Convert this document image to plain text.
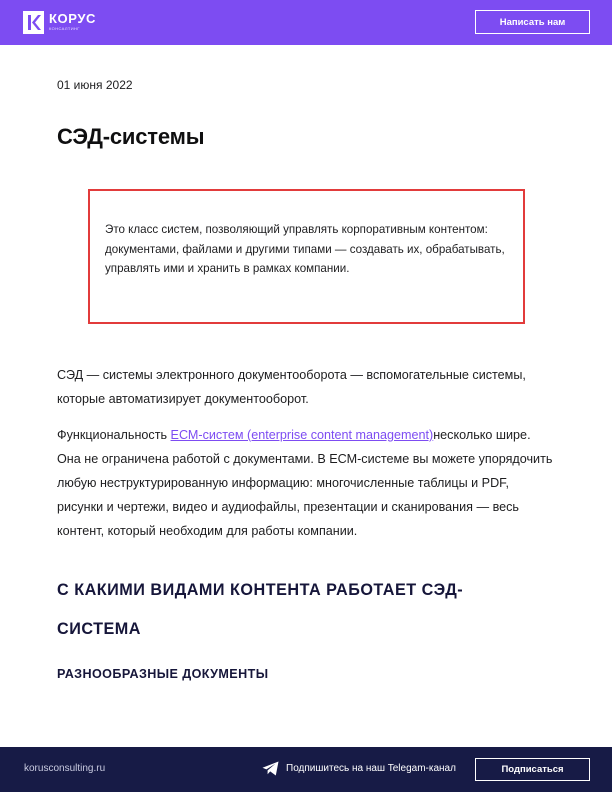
КОРУС
КОНСАЛТИНГ
Написать нам
01 июня 2022
СЭД-системы

Это класс систем, позволяющий управлять корпоративным контентом: документами, файлами и другими типами — создавать их, обрабатывать, управлять ими и хранить в рамках компании.

СЭД — системы электронного документооборота — вспомогательные системы, которые автоматизирует документооборот.

Функциональность ЕСМ-систем (enterprise content management)несколько шире. Она не ограничена работой с документами. В ЕСМ-системе вы можете упорядочить любую неструктурированную информацию: многочисленные таблицы и PDF, рисунки и чертежи, видео и аудиофайлы, презентации и сканирования — весь контент, который необходим для работы компании.

С КАКИМИ ВИДАМИ КОНТЕНТА РАБОТАЕТ СЭД-СИСТЕМА
РАЗНООБРАЗНЫЕ ДОКУМЕНТЫ
korusconsulting.ru	Подпишитесь на наш Telegam-канал	Подписаться
